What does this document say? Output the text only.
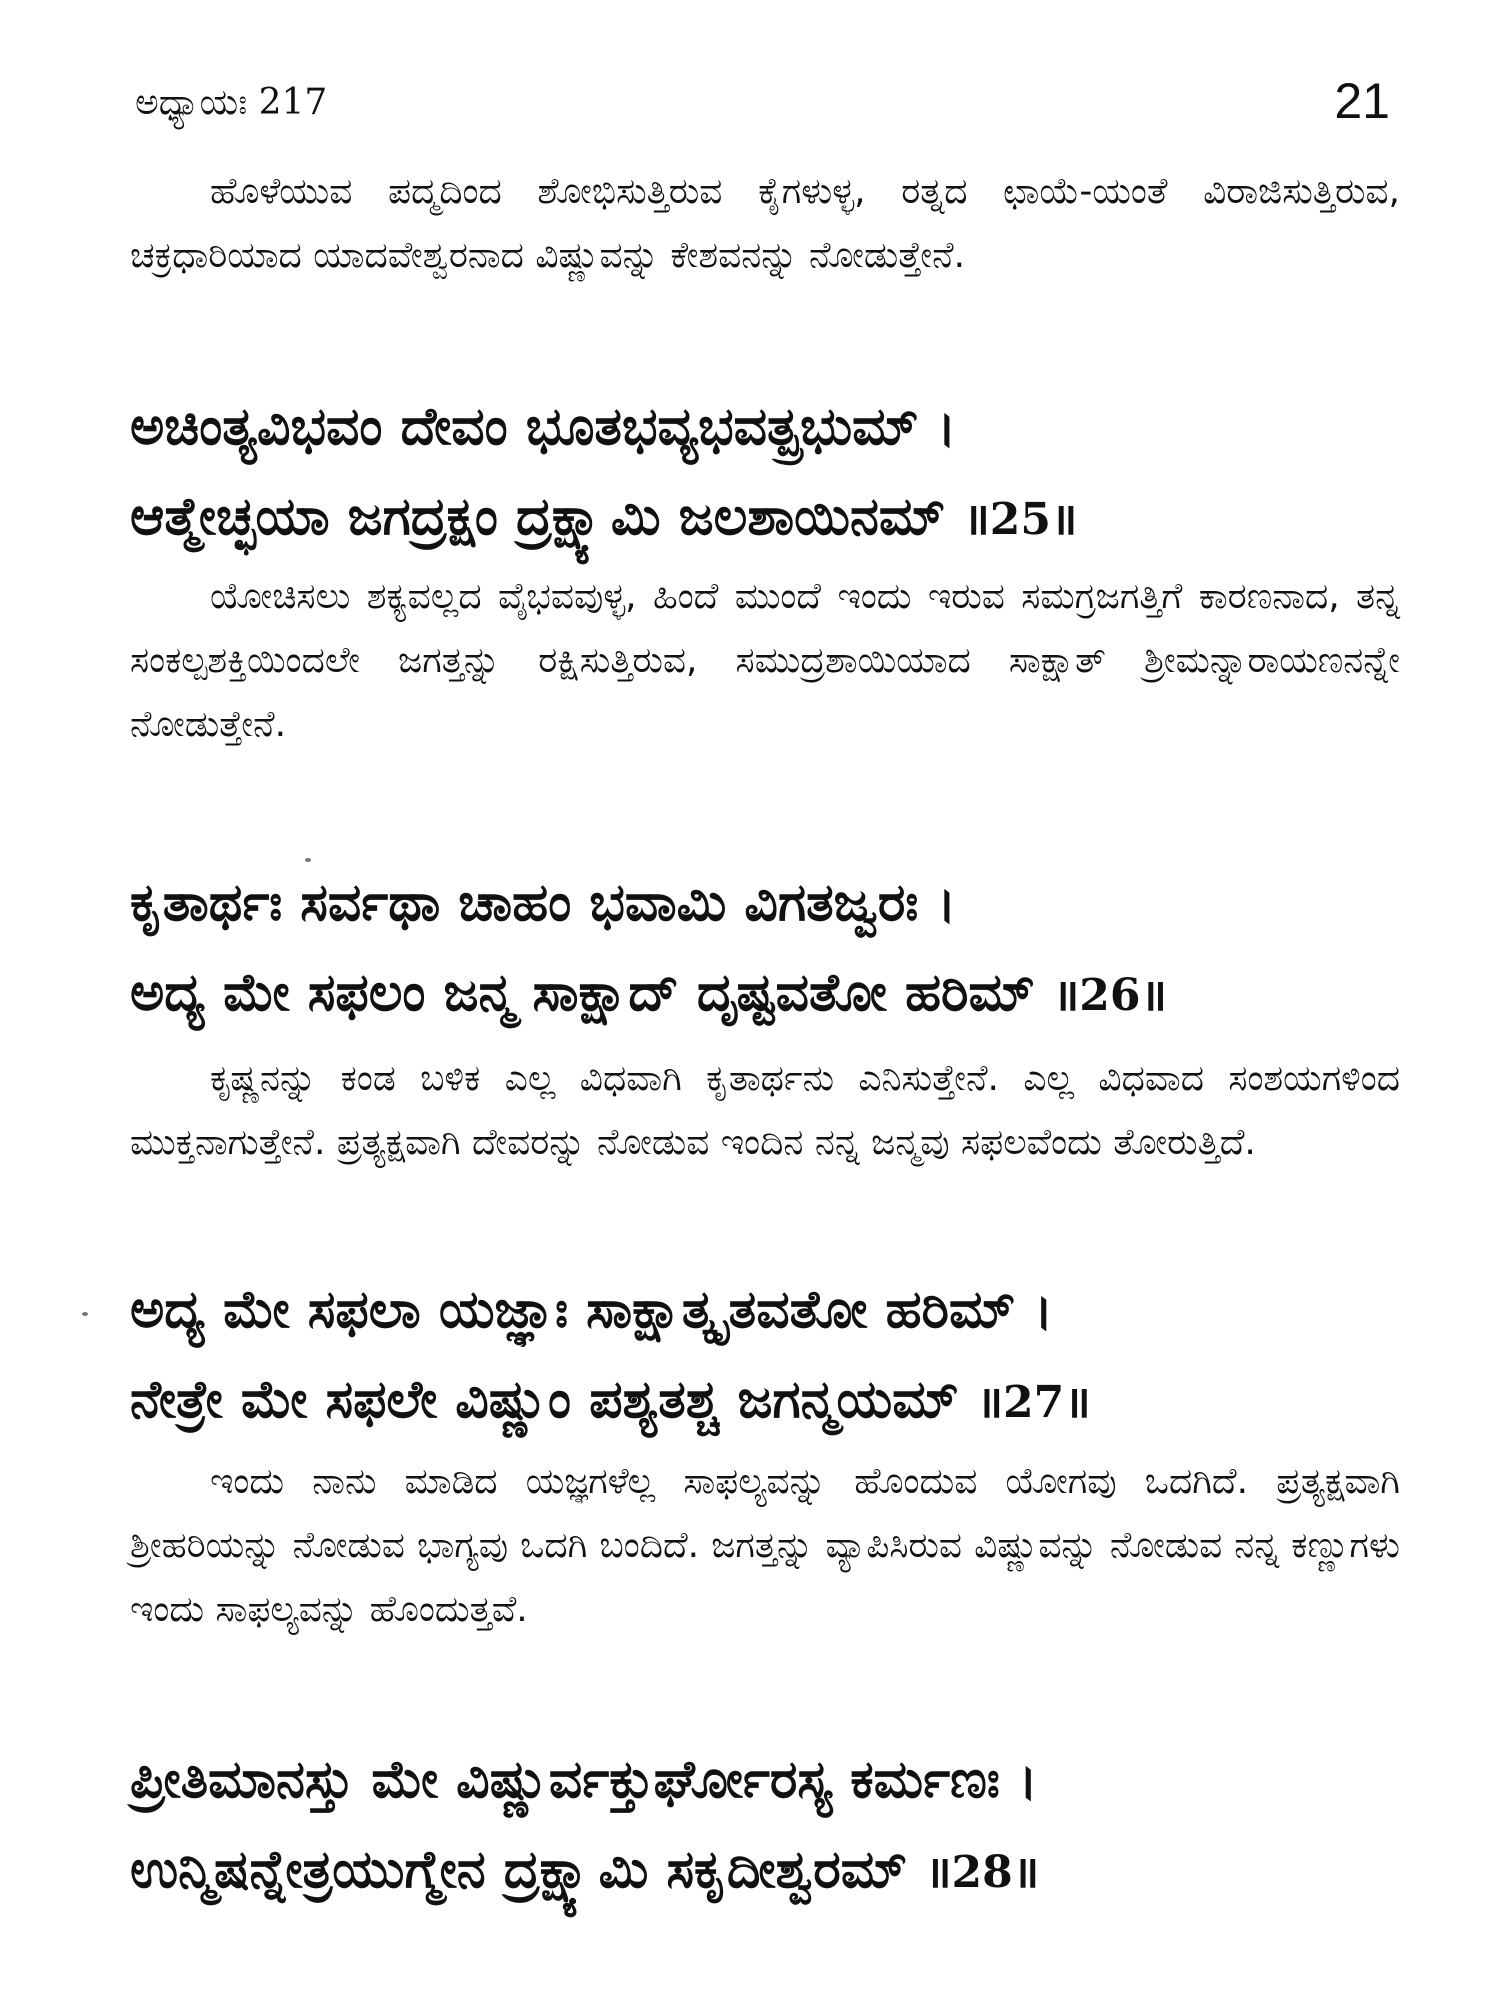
ಅಧ್ಯಾಯಃ 217	21

ಹೊಳೆಯುವ ಪದ್ಮದಿಂದ ಶೋಭಿಸುತ್ತಿರುವ ಕೈಗಳುಳ್ಳ, ರತ್ನದ ಛಾಯೆ-ಯಂತೆ ವಿರಾಜಿಸುತ್ತಿರುವ, ಚಕ್ರಧಾರಿಯಾದ ಯಾದವೇಶ್ವರನಾದ ವಿಷ್ಣುವನ್ನು ಕೇಶವನನ್ನು ನೋಡುತ್ತೇನೆ.

ಅಚಿಂತ್ಯವಿಭವಂ ದೇವಂ ಭೂತಭವ್ಯಭವತ್ಪ್ರಭುಮ್ ।

ಆತ್ಮೇಚ್ಛಯಾ ಜಗದ್ರಕ್ಷಂ ದ್ರಕ್ಷ್ಯಾಮಿ ಜಲಶಾಯಿನಮ್ ॥25॥

ಯೋಚಿಸಲು ಶಕ್ಯವಲ್ಲದ ವೈಭವವುಳ್ಳ, ಹಿಂದೆ ಮುಂದೆ ಇಂದು ಇರುವ ಸಮಗ್ರಜಗತ್ತಿಗೆ ಕಾರಣನಾದ, ತನ್ನ ಸಂಕಲ್ಪಶಕ್ತಿಯಿಂದಲೇ ಜಗತ್ತನ್ನು ರಕ್ಷಿಸುತ್ತಿರುವ, ಸಮುದ್ರಶಾಯಿಯಾದ ಸಾಕ್ಷಾತ್ ಶ್ರೀಮನ್ನಾರಾಯಣನನ್ನೇ ನೋಡುತ್ತೇನೆ.

ಕೃತಾರ್ಥಃ ಸರ್ವಥಾ ಚಾಹಂ ಭವಾಮಿ ವಿಗತಜ್ವರಃ ।

ಅದ್ಯ ಮೇ ಸಫಲಂ ಜನ್ಮ ಸಾಕ್ಷಾದ್ ದೃಷ್ಟವತೋ ಹರಿಮ್ ॥26॥

ಕೃಷ್ಣನನ್ನು ಕಂಡ ಬಳಿಕ ಎಲ್ಲ ವಿಧವಾಗಿ ಕೃತಾರ್ಥನು ಎನಿಸುತ್ತೇನೆ. ಎಲ್ಲ ವಿಧವಾದ ಸಂಶಯಗಳಿಂದ ಮುಕ್ತನಾಗುತ್ತೇನೆ. ಪ್ರತ್ಯಕ್ಷವಾಗಿ ದೇವರನ್ನು ನೋಡುವ ಇಂದಿನ ನನ್ನ ಜನ್ಮವು ಸಫಲವೆಂದು ತೋರುತ್ತಿದೆ.

ಅದ್ಯ ಮೇ ಸಫಲಾ ಯಜ್ಞಾಃ ಸಾಕ್ಷಾತ್ಕೃತವತೋ ಹರಿಮ್ ।

ನೇತ್ರೇ ಮೇ ಸಫಲೇ ವಿಷ್ಣುಂ ಪಶ್ಯತಶ್ಚ ಜಗನ್ಮಯಮ್ ॥27॥

ಇಂದು ನಾನು ಮಾಡಿದ ಯಜ್ಞಗಳೆಲ್ಲ ಸಾಫಲ್ಯವನ್ನು ಹೊಂದುವ ಯೋಗವು ಒದಗಿದೆ. ಪ್ರತ್ಯಕ್ಷವಾಗಿ ಶ್ರೀಹರಿಯನ್ನು ನೋಡುವ ಭಾಗ್ಯವು ಒದಗಿ ಬಂದಿದೆ. ಜಗತ್ತನ್ನು ವ್ಯಾಪಿಸಿರುವ ವಿಷ್ಣುವನ್ನು ನೋಡುವ ನನ್ನ ಕಣ್ಣುಗಳು ಇಂದು ಸಾಫಲ್ಯವನ್ನು ಹೊಂದುತ್ತವೆ.

ಪ್ರೀತಿಮಾನಸ್ತು ಮೇ ವಿಷ್ಣುರ್ವಕ್ತುರ್ಘೋರಸ್ಯ ಕರ್ಮಣಃ ।

ಉನ್ಮಿಷನ್ನೇತ್ರಯುಗ್ಮೇನ ದ್ರಕ್ಷ್ಯಾಮಿ ಸಕೃದೀಶ್ವರಮ್ ॥28॥
